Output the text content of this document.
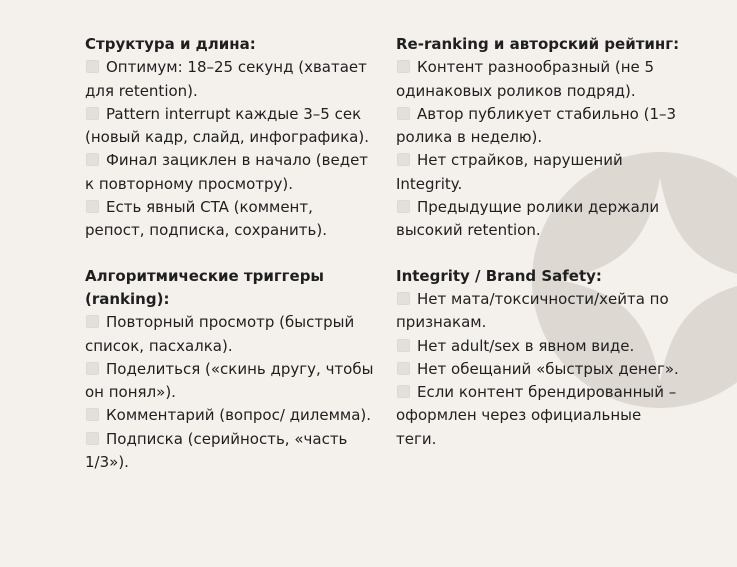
Структура и длина:

Оптимум: 18–25 секунд (хватает для retention).

Pattern interrupt каждые 3–5 сек (новый кадр, слайд, инфографика).

Финал зациклен в начало (ведет к повторному просмотру).

Есть явный CTA (коммент, репост, подписка, сохранить).

Алгоритмические триггеры (ranking):

Повторный просмотр (быстрый список, пасхалка).

Поделиться («скинь другу, чтобы он понял»).

Комментарий (вопрос/ дилемма).

Подписка (серийность, «часть 1/3»).

Re-ranking и авторский рейтинг:

Контент разнообразный (не 5 одинаковых роликов подряд).

Автор публикует стабильно (1–3 ролика в неделю).

Нет страйков, нарушений Integrity.

Предыдущие ролики держали высокий retention.

Integrity / Brand Safety:

Нет мата/токсичности/хейта по признакам.

Нет adult/sex в явном виде.

Нет обещаний «быстрых денег».

Если контент брендированный – оформлен через официальные теги.
